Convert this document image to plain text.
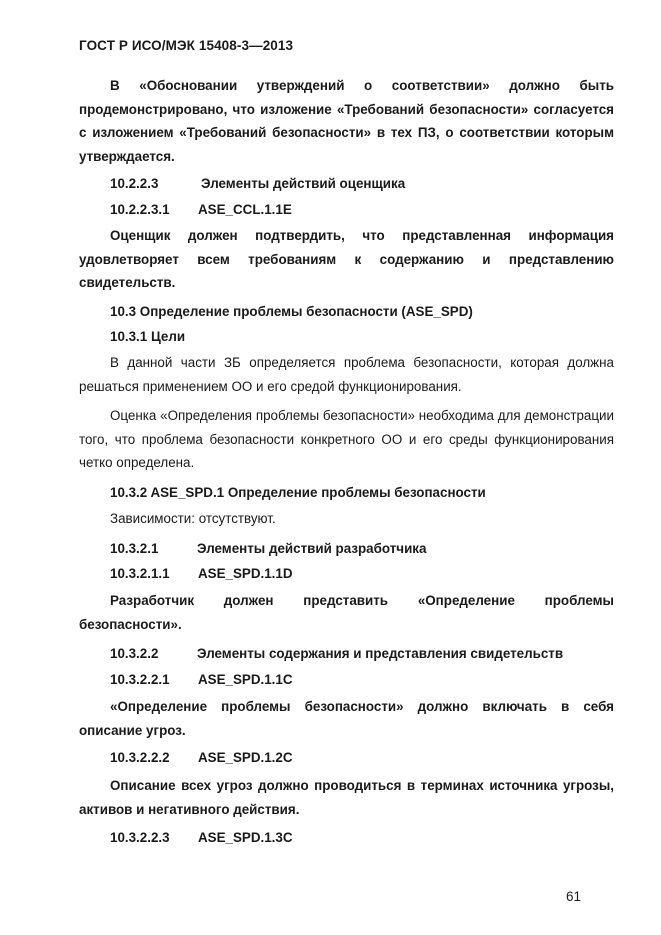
ГОСТ Р ИСО/МЭК 15408-3—2013
В «Обосновании утверждений о соответствии» должно быть продемонстрировано, что изложение «Требований безопасности» согласуется с изложением «Требований безопасности» в тех ПЗ, о соответствии которым утверждается.
10.2.2.3	Элементы действий оценщика
10.2.2.3.1 ASE_CCL.1.1E
Оценщик должен подтвердить, что представленная информация удовлетворяет всем требованиям к содержанию и представлению свидетельств.
10.3 Определение проблемы безопасности (ASE_SPD)
10.3.1 Цели
В данной части ЗБ определяется проблема безопасности, которая должна решаться применением ОО и его средой функционирования.
Оценка «Определения проблемы безопасности» необходима для демонстрации того, что проблема безопасности конкретного ОО и его среды функционирования четко определена.
10.3.2 ASE_SPD.1 Определение проблемы безопасности
Зависимости: отсутствуют.
10.3.2.1	Элементы действий разработчика
10.3.2.1.1 ASE_SPD.1.1D
Разработчик должен представить «Определение проблемы безопасности».
10.3.2.2	Элементы содержания и представления свидетельств
10.3.2.2.1 ASE_SPD.1.1C
«Определение проблемы безопасности» должно включать в себя описание угроз.
10.3.2.2.2 ASE_SPD.1.2C
Описание всех угроз должно проводиться в терминах источника угрозы, активов и негативного действия.
10.3.2.2.3 ASE_SPD.1.3C
61
